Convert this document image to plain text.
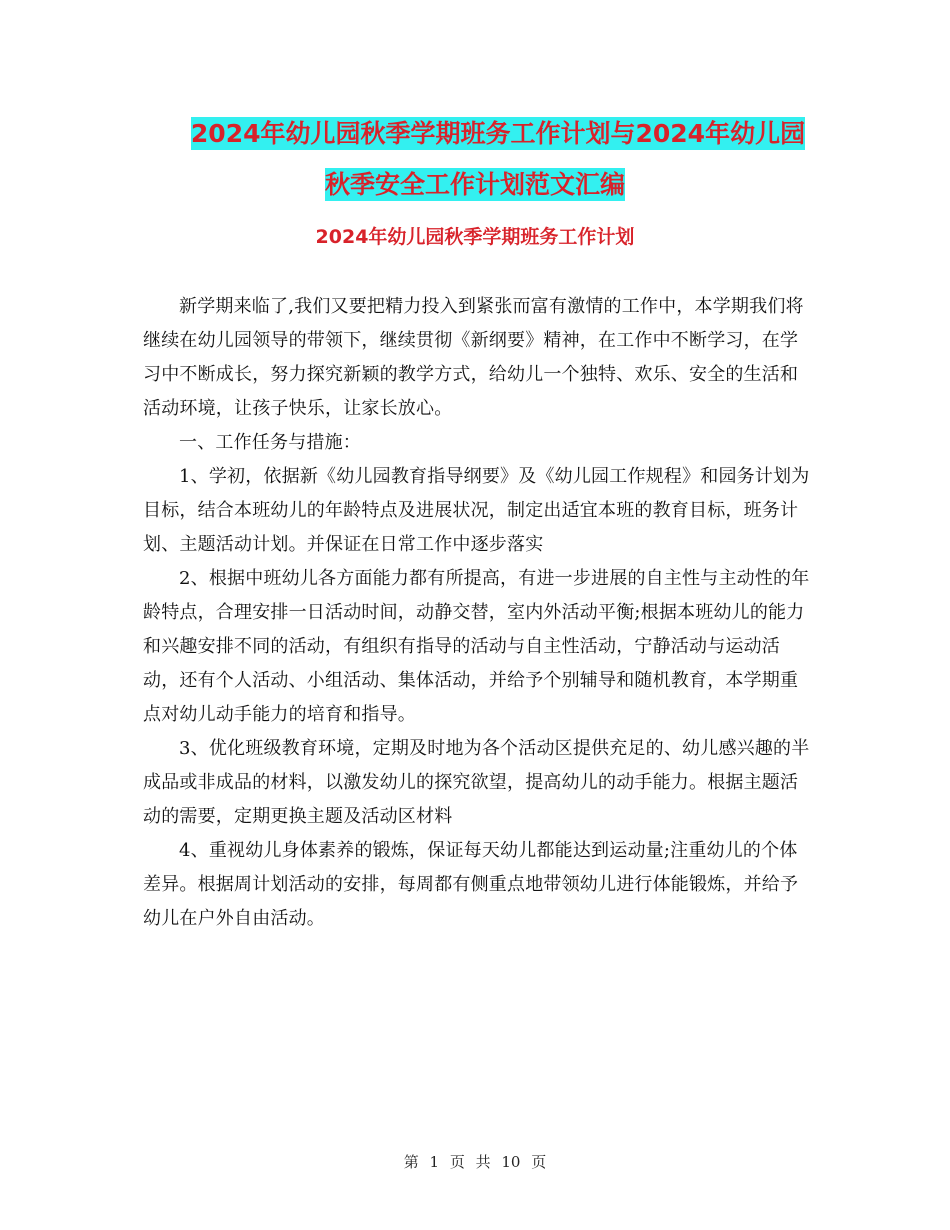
2024年幼儿园秋季学期班务工作计划与2024年幼儿园
秋季安全工作计划范文汇编
2024年幼儿园秋季学期班务工作计划

新学期来临了,我们又要把精力投入到紧张而富有激情的工作中，本学期我们将继续在幼儿园领导的带领下，继续贯彻《新纲要》精神，在工作中不断学习，在学习中不断成长，努力探究新颖的教学方式，给幼儿一个独特、欢乐、安全的生活和活动环境，让孩子快乐，让家长放心。

一、工作任务与措施：

1、学初，依据新《幼儿园教育指导纲要》及《幼儿园工作规程》和园务计划为目标，结合本班幼儿的年龄特点及进展状况，制定出适宜本班的教育目标，班务计划、主题活动计划。并保证在日常工作中逐步落实

2、根据中班幼儿各方面能力都有所提高，有进一步进展的自主性与主动性的年龄特点，合理安排一日活动时间，动静交替，室内外活动平衡;根据本班幼儿的能力和兴趣安排不同的活动，有组织有指导的活动与自主性活动，宁静活动与运动活动，还有个人活动、小组活动、集体活动，并给予个别辅导和随机教育，本学期重点对幼儿动手能力的培育和指导。

3、优化班级教育环境，定期及时地为各个活动区提供充足的、幼儿感兴趣的半成品或非成品的材料，以激发幼儿的探究欲望，提高幼儿的动手能力。根据主题活动的需要，定期更换主题及活动区材料

4、重视幼儿身体素养的锻炼，保证每天幼儿都能达到运动量;注重幼儿的个体差异。根据周计划活动的安排，每周都有侧重点地带领幼儿进行体能锻炼，并给予幼儿在户外自由活动。

第 1 页 共 10 页
